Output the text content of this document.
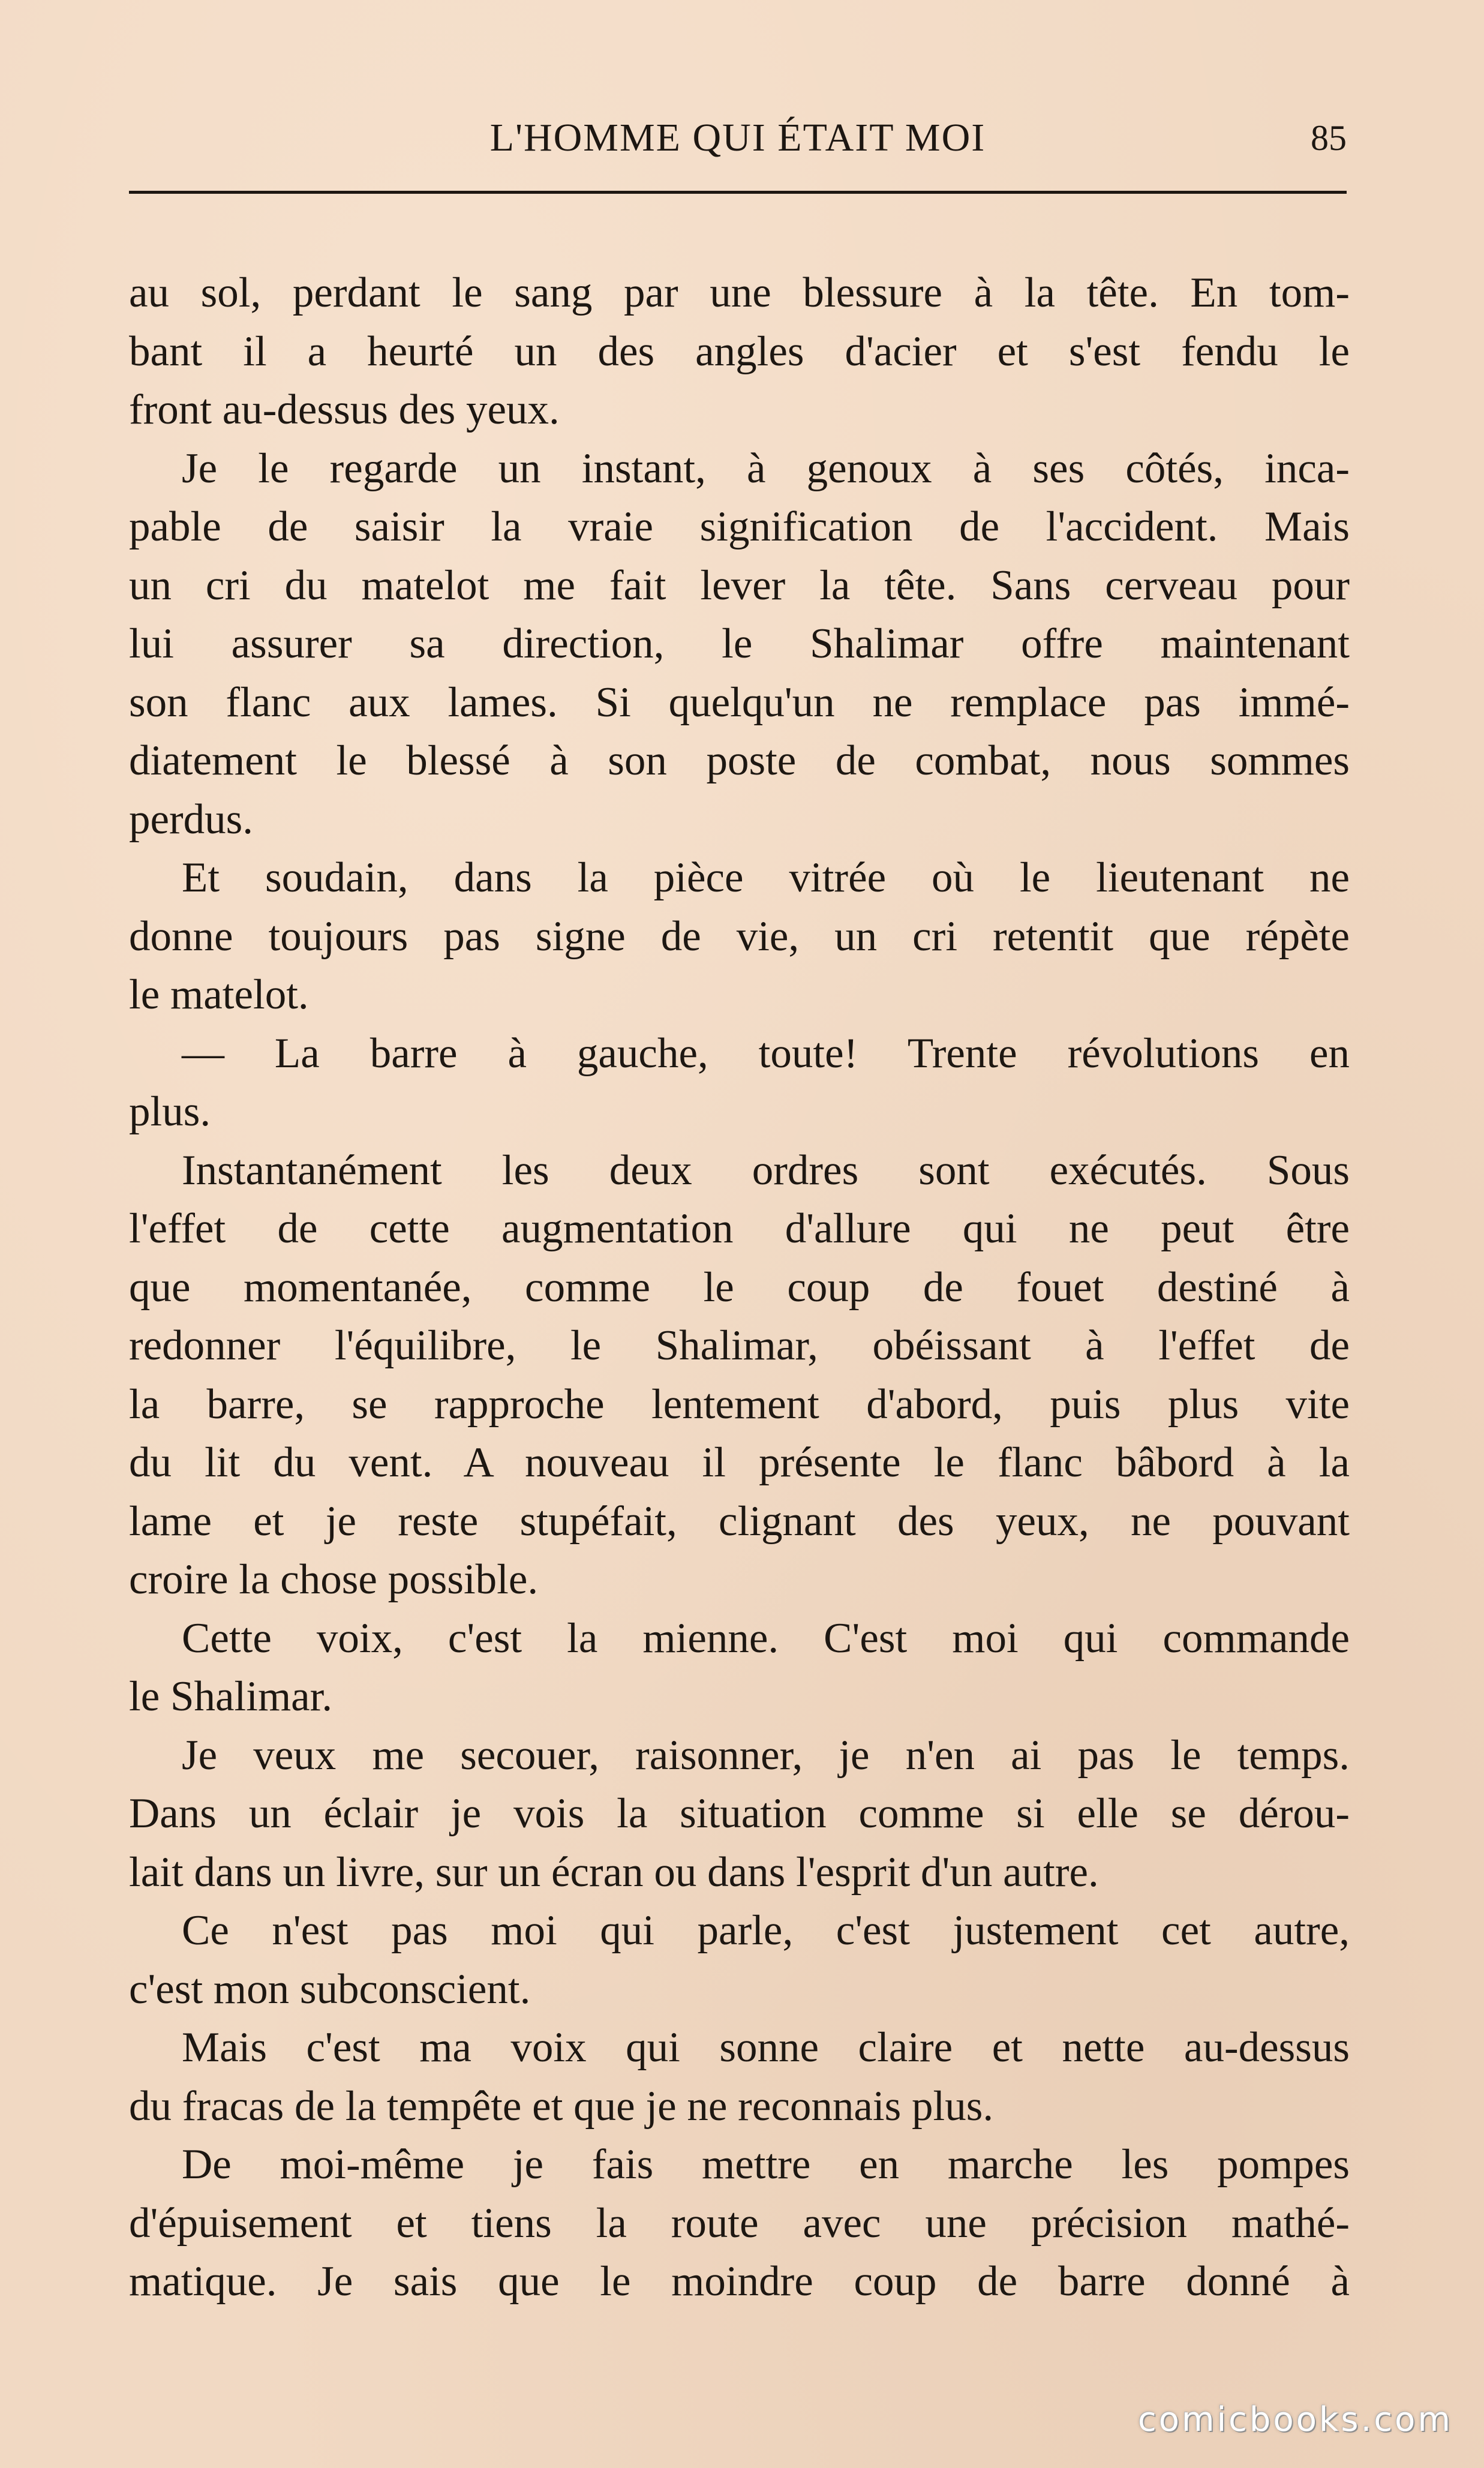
L'HOMME QUI ÉTAIT MOI	85
au sol, perdant le sang par une blessure à la tête. En tom-
bant il a heurté un des angles d'acier et s'est fendu le
front au-dessus des yeux.
Je le regarde un instant, à genoux à ses côtés, inca-
pable de saisir la vraie signification de l'accident. Mais
un cri du matelot me fait lever la tête. Sans cerveau pour
lui assurer sa direction, le Shalimar offre maintenant
son flanc aux lames. Si quelqu'un ne remplace pas immé-
diatement le blessé à son poste de combat, nous sommes
perdus.
Et soudain, dans la pièce vitrée où le lieutenant ne
donne toujours pas signe de vie, un cri retentit que répète
le matelot.
— La barre à gauche, toute! Trente révolutions en
plus.
Instantanément les deux ordres sont exécutés. Sous
l'effet de cette augmentation d'allure qui ne peut être
que momentanée, comme le coup de fouet destiné à
redonner l'équilibre, le Shalimar, obéissant à l'effet de
la barre, se rapproche lentement d'abord, puis plus vite
du lit du vent. A nouveau il présente le flanc bâbord à la
lame et je reste stupéfait, clignant des yeux, ne pouvant
croire la chose possible.
Cette voix, c'est la mienne. C'est moi qui commande
le Shalimar.
Je veux me secouer, raisonner, je n'en ai pas le temps.
Dans un éclair je vois la situation comme si elle se dérou-
lait dans un livre, sur un écran ou dans l'esprit d'un autre.
Ce n'est pas moi qui parle, c'est justement cet autre,
c'est mon subconscient.
Mais c'est ma voix qui sonne claire et nette au-dessus
du fracas de la tempête et que je ne reconnais plus.
De moi-même je fais mettre en marche les pompes
d'épuisement et tiens la route avec une précision mathé-
matique. Je sais que le moindre coup de barre donné à
comicbooks.com
